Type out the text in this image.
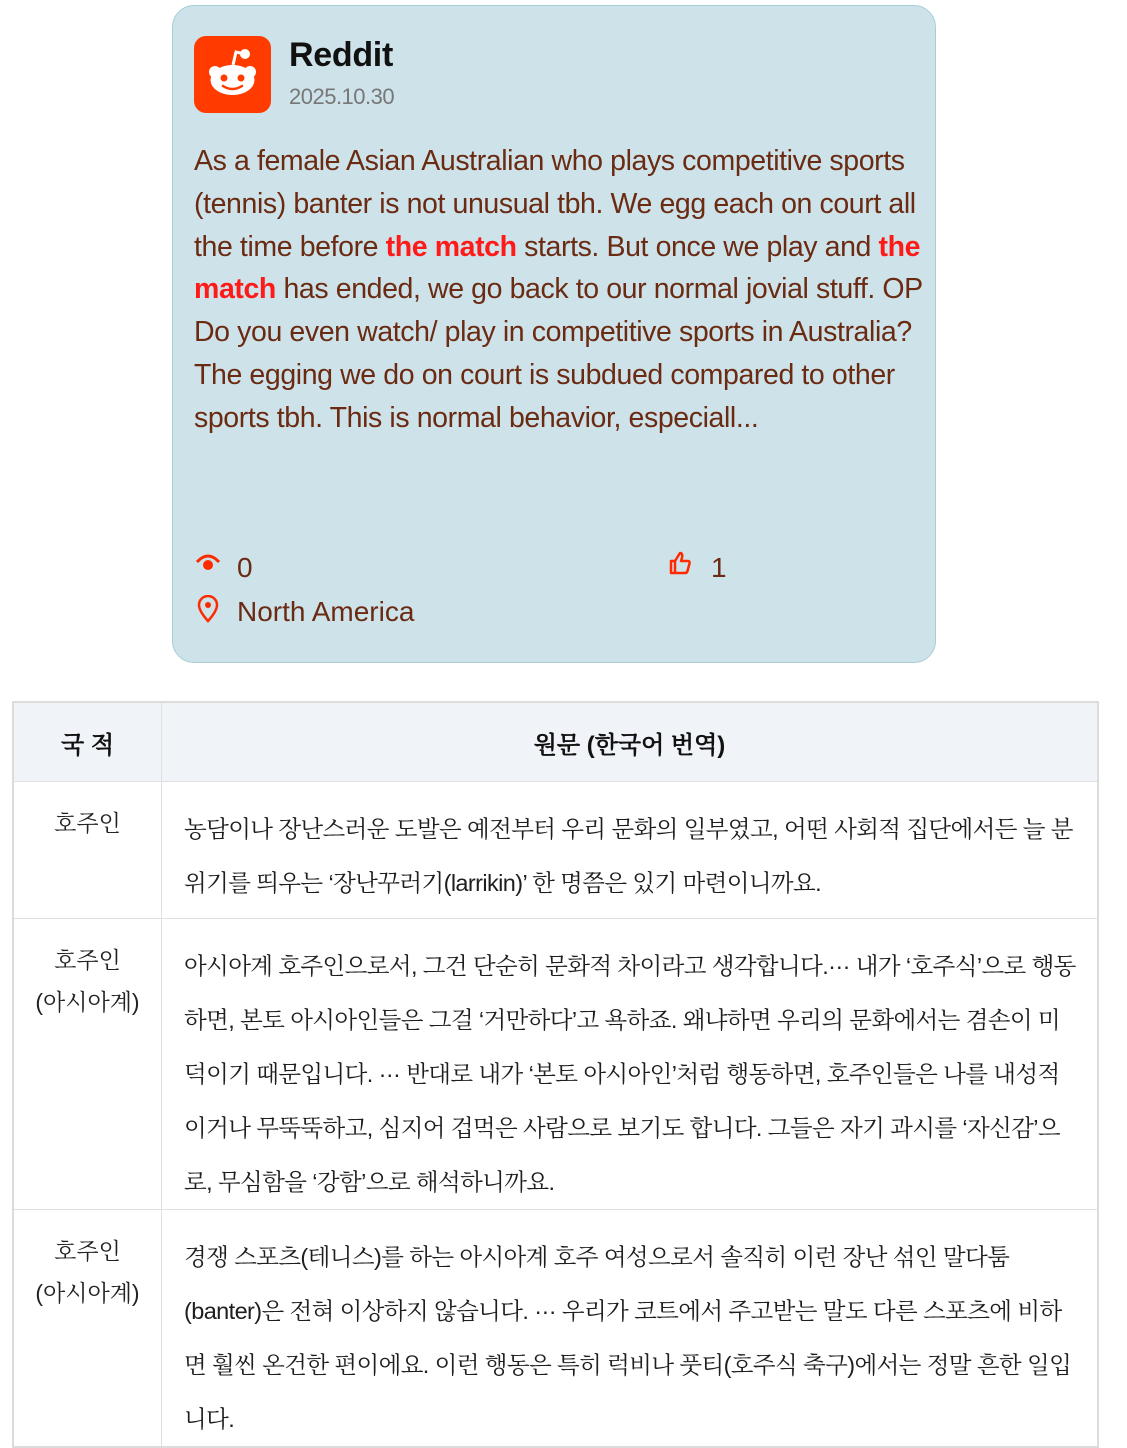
Reddit
2025.10.30

As a female Asian Australian who plays competitive sports (tennis) banter is not unusual tbh. We egg each on court all the time before the match starts. But once we play and the match has ended, we go back to our normal jovial stuff. OP Do you even watch/ play in competitive sports in Australia? The egging we do on court is subdued compared to other sports tbh. This is normal behavior, especiall...

0	1
North America
국 적	원문 (한국어 번역)

호주인	농담이나 장난스러운 도발은 예전부터 우리 문화의 일부였고, 어떤 사회적 집단에서든 늘 분위기를 띄우는 ‘장난꾸러기(larrikin)’ 한 명쯤은 있기 마련이니까요.

호주인
(아시아계)	아시아계 호주인으로서, 그건 단순히 문화적 차이라고 생각합니다.··· 내가 ‘호주식’으로 행동하면, 본토 아시아인들은 그걸 ‘거만하다’고 욕하죠. 왜냐하면 우리의 문화에서는 겸손이 미덕이기 때문입니다. ··· 반대로 내가 ‘본토 아시아인’처럼 행동하면, 호주인들은 나를 내성적이거나 무뚝뚝하고, 심지어 겁먹은 사람으로 보기도 합니다. 그들은 자기 과시를 ‘자신감’으로, 무심함을 ‘강함’으로 해석하니까요.

호주인
(아시아계)	경쟁 스포츠(테니스)를 하는 아시아계 호주 여성으로서 솔직히 이런 장난 섞인 말다툼(banter)은 전혀 이상하지 않습니다. ··· 우리가 코트에서 주고받는 말도 다른 스포츠에 비하면 훨씬 온건한 편이에요. 이런 행동은 특히 럭비나 풋티(호주식 축구)에서는 정말 흔한 일입니다.
